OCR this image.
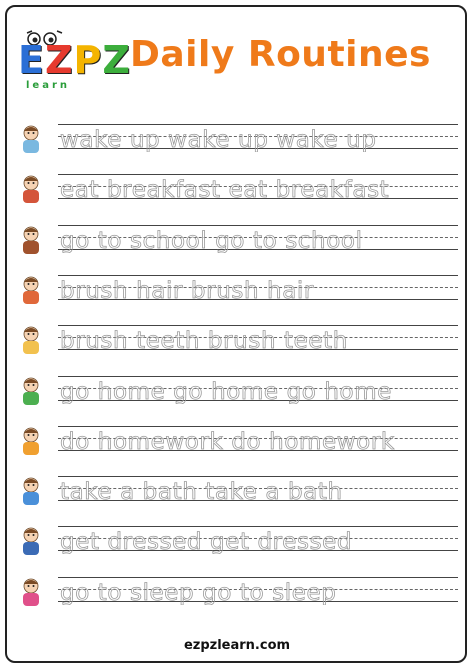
E Z P Z
learn
Daily Routines
wake up wake up wake up
eat breakfast eat breakfast
go to school go to school
brush hair brush hair
brush teeth brush teeth
go home go home go home
do homework do homework
take a bath take a bath
get dressed get dressed
go to sleep go to sleep
ezpzlearn.com
